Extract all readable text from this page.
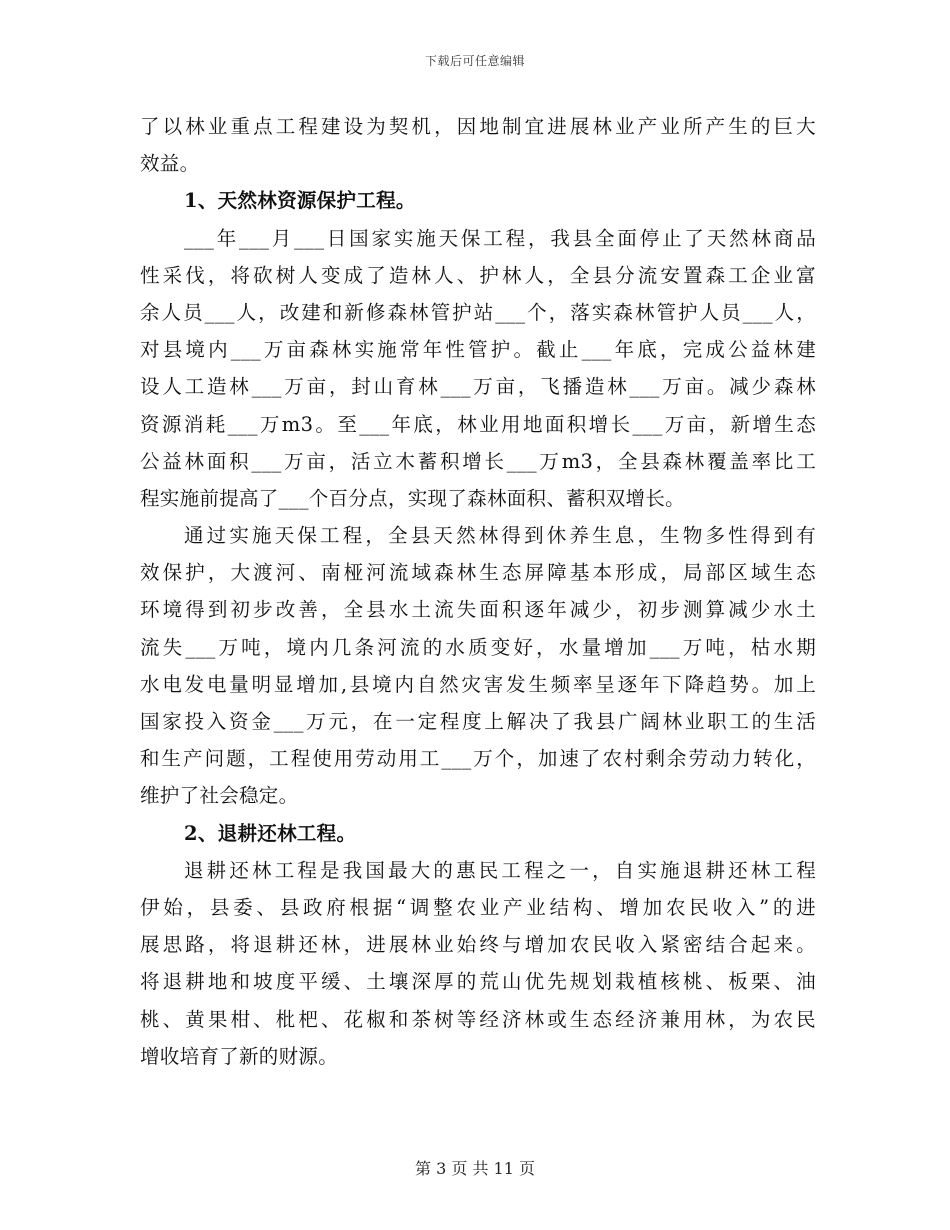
下载后可任意编辑
了以林业重点工程建设为契机，因地制宜进展林业产业所产生的巨大
效益。
1、天然林资源保护工程。
___年___月___日国家实施天保工程，我县全面停止了天然林商品
性采伐，将砍树人变成了造林人、护林人，全县分流安置森工企业富
余人员___人，改建和新修森林管护站___个，落实森林管护人员___人，
对县境内___万亩森林实施常年性管护。截止___年底，完成公益林建
设人工造林___万亩，封山育林___万亩，飞播造林___万亩。减少森林
资源消耗___万m3。至___年底，林业用地面积增长___万亩，新增生态
公益林面积___万亩，活立木蓄积增长___万m3，全县森林覆盖率比工
程实施前提高了___个百分点，实现了森林面积、蓄积双增长。
通过实施天保工程，全县天然林得到休养生息，生物多性得到有
效保护，大渡河、南桠河流域森林生态屏障基本形成，局部区域生态
环境得到初步改善，全县水土流失面积逐年减少，初步测算减少水土
流失___万吨，境内几条河流的水质变好，水量增加___万吨，枯水期
水电发电量明显增加,县境内自然灾害发生频率呈逐年下降趋势。加上
国家投入资金___万元，在一定程度上解决了我县广阔林业职工的生活
和生产问题，工程使用劳动用工___万个，加速了农村剩余劳动力转化，
维护了社会稳定。
2、退耕还林工程。
退耕还林工程是我国最大的惠民工程之一，自实施退耕还林工程
伊始，县委、县政府根据“调整农业产业结构、增加农民收入”的进
展思路，将退耕还林，进展林业始终与增加农民收入紧密结合起来。
将退耕地和坡度平缓、土壤深厚的荒山优先规划栽植核桃、板栗、油
桃、黄果柑、枇杷、花椒和茶树等经济林或生态经济兼用林，为农民
增收培育了新的财源。
第 3 页 共 11 页
